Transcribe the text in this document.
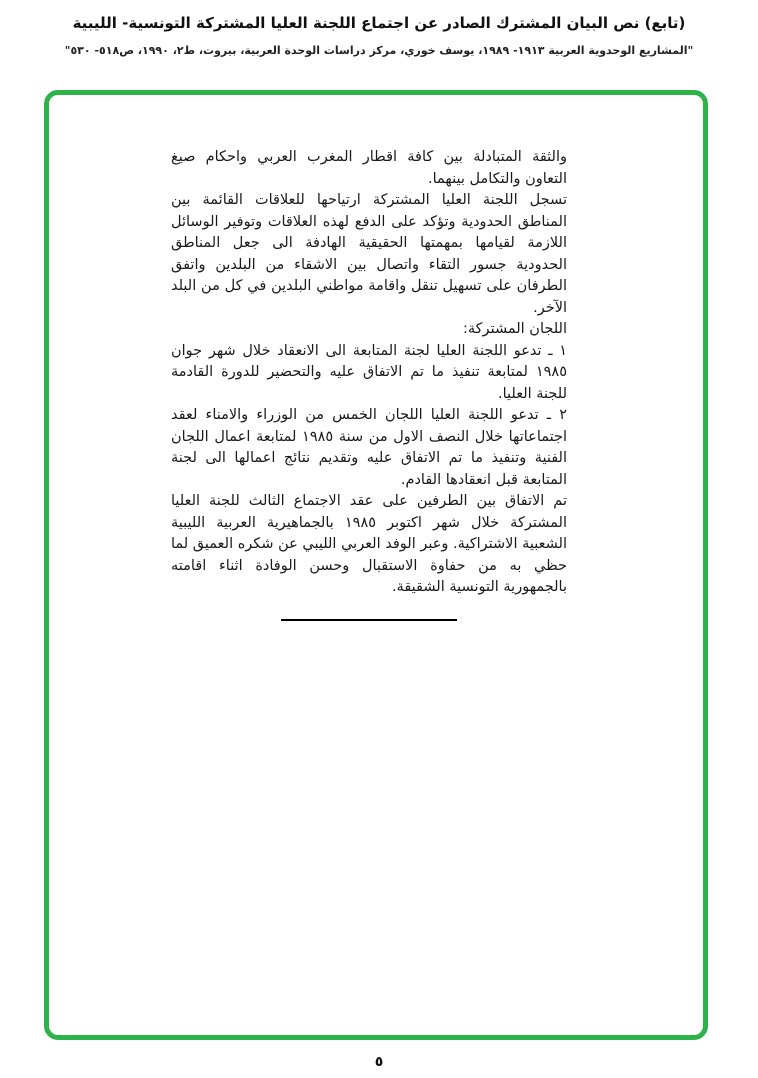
(تابع) نص البيان المشترك الصادر عن اجتماع اللجنة العليا المشتركة التونسية- الليبية
"المشاريع الوحدوية العربية ١٩١٣- ١٩٨٩، يوسف خوري، مركز دراسات الوحدة العربية، بيروت، ط٢، ١٩٩٠، ص٥١٨- ٥٣٠"

والثقة المتبادلة بين كافة اقطار المغرب العربي واحكام صيغ التعاون والتكامل بينهما.

تسجل اللجنة العليا المشتركة ارتياحها للعلاقات القائمة بين المناطق الحدودية وتؤكد على الدفع لهذه العلاقات وتوفير الوسائل اللازمة لقيامها بمهمتها الحقيقية الهادفة الى جعل المناطق الحدودية جسور التقاء واتصال بين الاشقاء من البلدين واتفق الطرفان على تسهيل تنقل واقامة مواطني البلدين في كل من البلد الآخر.

اللجان المشتركة:

١ ـ تدعو اللجنة العليا لجنة المتابعة الى الانعقاد خلال شهر جوان ١٩٨٥ لمتابعة تنفيذ ما تم الاتفاق عليه والتحضير للدورة القادمة للجنة العليا.

٢ ـ تدعو اللجنة العليا اللجان الخمس من الوزراء والامناء لعقد اجتماعاتها خلال النصف الاول من سنة ١٩٨٥ لمتابعة اعمال اللجان الفنية وتنفيذ ما تم الاتفاق عليه وتقديم نتائج اعمالها الى لجنة المتابعة قبل انعقادها القادم.

تم الاتفاق بين الطرفين على عقد الاجتماع الثالث للجنة العليا المشتركة خلال شهر اكتوبر ١٩٨٥ بالجماهيرية العربية الليبية الشعبية الاشتراكية. وعبر الوفد العربي الليبي عن شكره العميق لما حظي به من حفاوة الاستقبال وحسن الوفادة اثناء اقامته بالجمهورية التونسية الشقيقة.

٥
